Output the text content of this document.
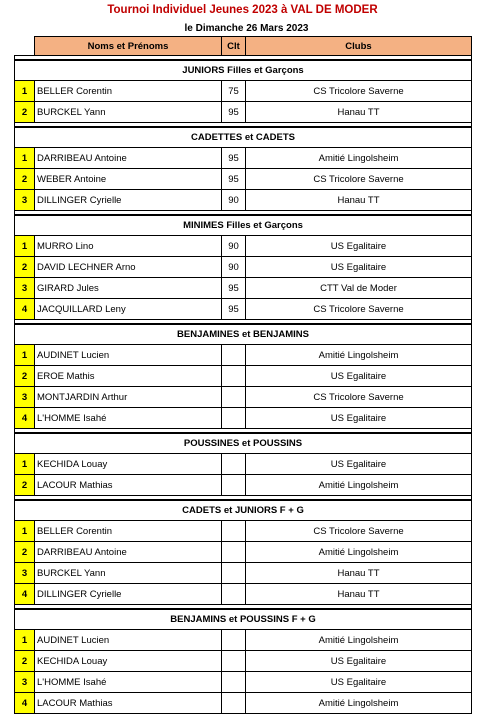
Tournoi Individuel Jeunes 2023 à VAL DE MODER
le Dimanche 26 Mars 2023
	Noms et Prénoms	Clt	Clubs

JUNIORS Filles et Garçons			
1	BELLER Corentin	75	CS Tricolore Saverne
2	BURCKEL Yann	95	Hanau TT

CADETTES et CADETS			
1	DARRIBEAU Antoine	95	Amitié Lingolsheim
2	WEBER Antoine	95	CS Tricolore Saverne
3	DILLINGER Cyrielle	90	Hanau TT

MINIMES Filles et Garçons			
1	MURRO Lino	90	US Egalitaire
2	DAVID LECHNER Arno	90	US Egalitaire
3	GIRARD Jules	95	CTT Val de Moder
4	JACQUILLARD Leny	95	CS Tricolore Saverne

BENJAMINES et BENJAMINS			
1	AUDINET Lucien		Amitié Lingolsheim
2	EROE Mathis		US Egalitaire
3	MONTJARDIN Arthur		CS Tricolore Saverne
4	L'HOMME Isahé		US Egalitaire

POUSSINES et POUSSINS			
1	KECHIDA Louay		US Egalitaire
2	LACOUR Mathias		Amitié Lingolsheim

CADETS et JUNIORS F + G			
1	BELLER Corentin		CS Tricolore Saverne
2	DARRIBEAU Antoine		Amitié Lingolsheim
3	BURCKEL Yann		Hanau TT
4	DILLINGER Cyrielle		Hanau TT

BENJAMINS et POUSSINS F + G			
1	AUDINET Lucien		Amitié Lingolsheim
2	KECHIDA Louay		US Egalitaire
3	L'HOMME Isahé		US Egalitaire
4	LACOUR Mathias		Amitié Lingolsheim
